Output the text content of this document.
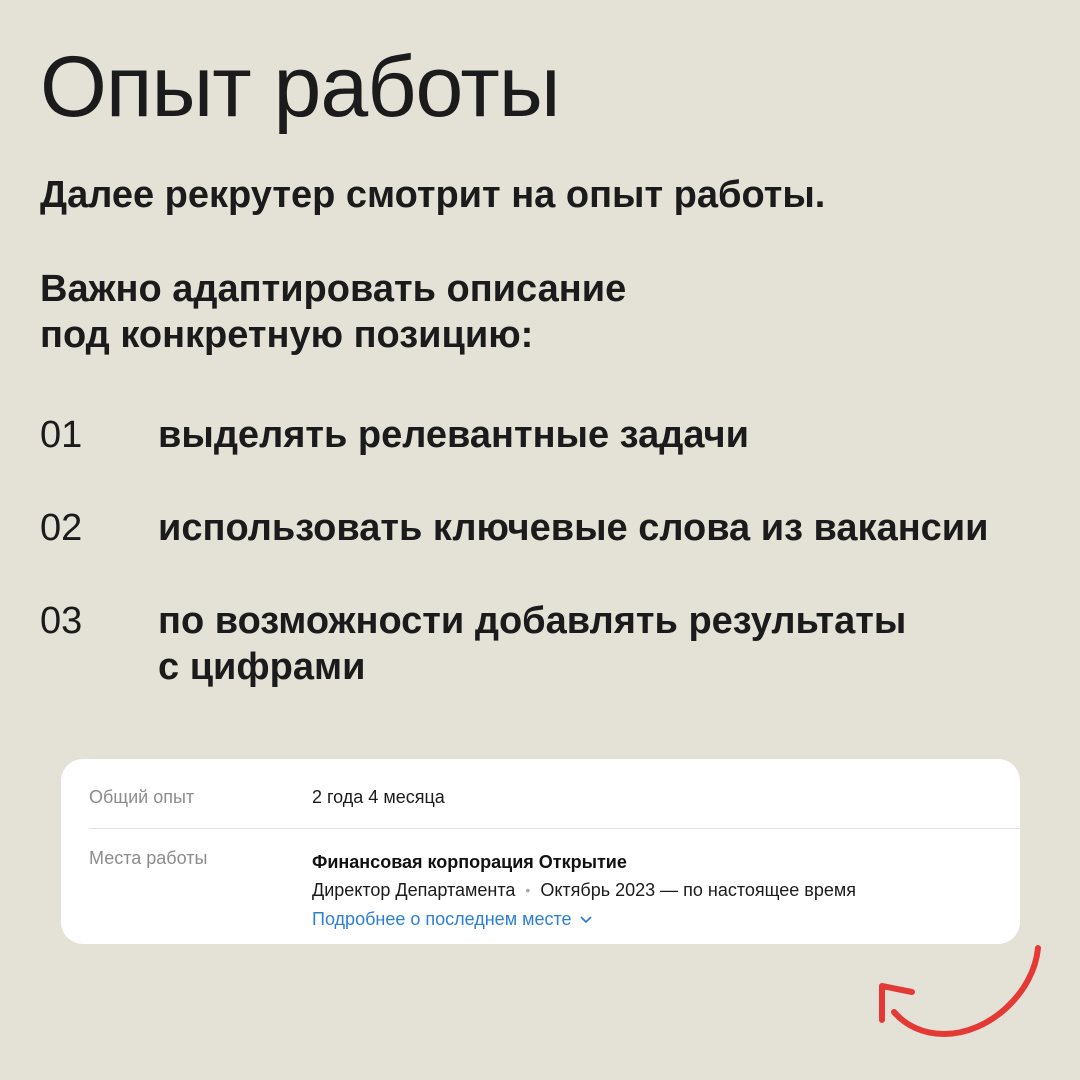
Опыт работы

Далее рекрутер смотрит на опыт работы.

Важно адаптировать описание
под конкретную позицию:

01 выделять релевантные задачи
02 использовать ключевые слова из вакансии
03 по возможности добавлять результаты
с цифрами
Общий опыт	2 года 4 месяца
Места работы	Финансовая корпорация Открытие
Директор Департамента • Октябрь 2023 — по настоящее время
Подробнее о последнем месте
